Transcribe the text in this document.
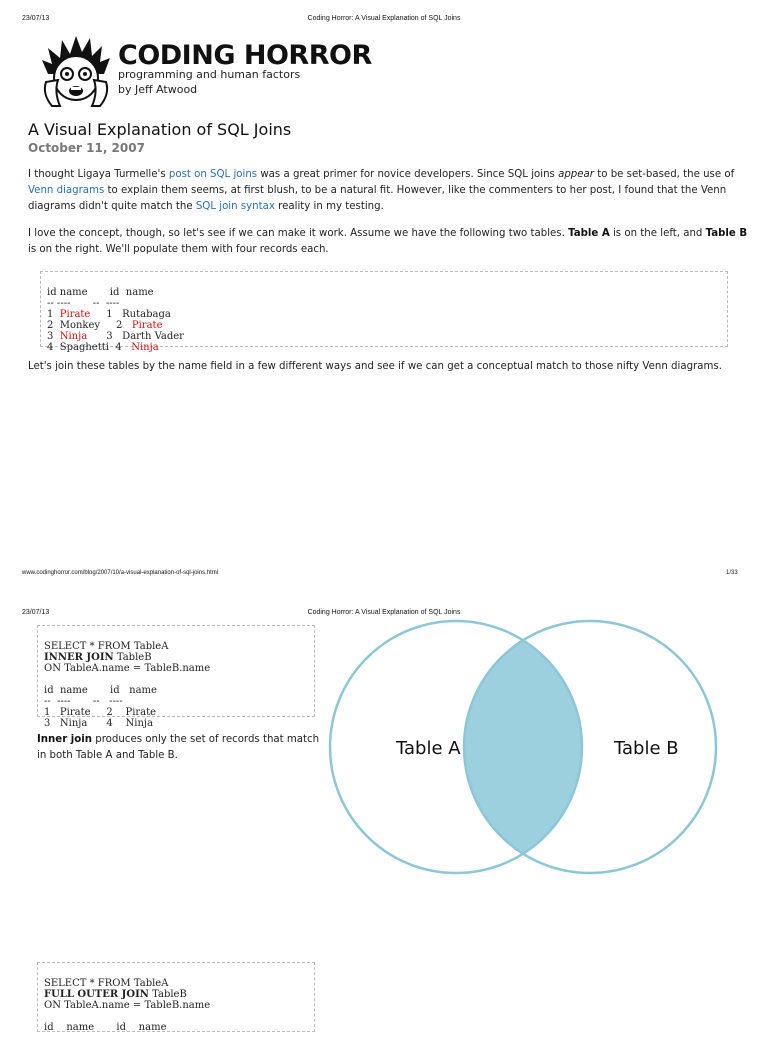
23/07/13	Coding Horror: A Visual Explanation of SQL Joins
CODING HORROR
programming and human factors
by Jeff Atwood
A Visual Explanation of SQL Joins
October 11, 2007
I thought Ligaya Turmelle's post on SQL joins was a great primer for novice developers. Since SQL joins appear to be set-based, the use of
Venn diagrams to explain them seems, at first blush, to be a natural fit. However, like the commenters to her post, I found that the Venn
diagrams didn't quite match the SQL join syntax reality in my testing.
I love the concept, though, so let's see if we can make it work. Assume we have the following two tables. Table A is on the left, and Table B
is on the right. We'll populate them with four records each.

id name       id  name
-- ----       --  ----
1  Pirate 1   Rutabaga
2  Monkey 2   Pirate
3  Ninja 3   Darth Vader
4  Spaghetti 4   Ninja

Let's join these tables by the name field in a few different ways and see if we can get a conceptual match to those nifty Venn diagrams.
www.codinghorror.com/blog/2007/10/a-visual-explanation-of-sql-joins.html	1/33
23/07/13	Coding Horror: A Visual Explanation of SQL Joins

SELECT * FROM TableA
INNER JOIN TableB
ON TableA.name = TableB.name
id  name       id   name
--  ----       --   ----
1   Pirate     2    Pirate
3   Ninja      4    Ninja

Inner join produces only the set of records that match
in both Table A and Table B.	Table A	Table B

SELECT * FROM TableA
FULL OUTER JOIN TableB
ON TableA.name = TableB.name
id    name       id    name
